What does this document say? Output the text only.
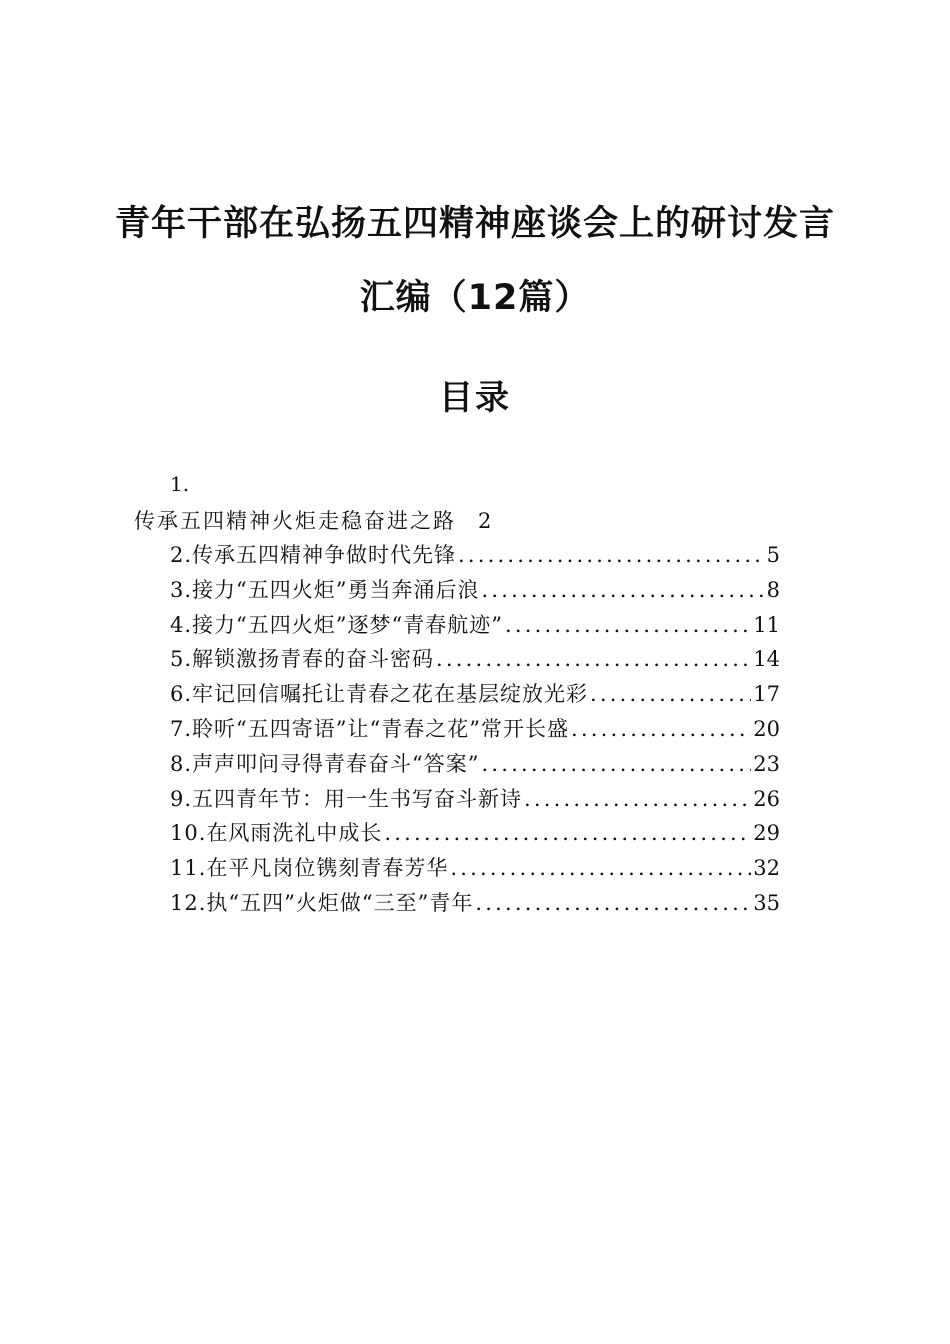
青年干部在弘扬五四精神座谈会上的研讨发言
汇编（12篇）
目录
1.
传承五四精神火炬走稳奋进之路 2
2.传承五四精神争做时代先锋 .....	5
3.接力“五四火炬”勇当奔涌后浪 .....	8
4.接力“五四火炬”逐梦“青春航迹” .....	11
5.解锁激扬青春的奋斗密码 .....	14
6.牢记回信嘱托让青春之花在基层绽放光彩 .....	17
7.聆听“五四寄语”让“青春之花”常开长盛 .....	20
8.声声叩问寻得青春奋斗“答案” .....	23
9.五四青年节：用一生书写奋斗新诗 .....	26
10.在风雨洗礼中成长 .....	29
11.在平凡岗位镌刻青春芳华 .....	32
12.执“五四”火炬做“三至”青年 .....	35
